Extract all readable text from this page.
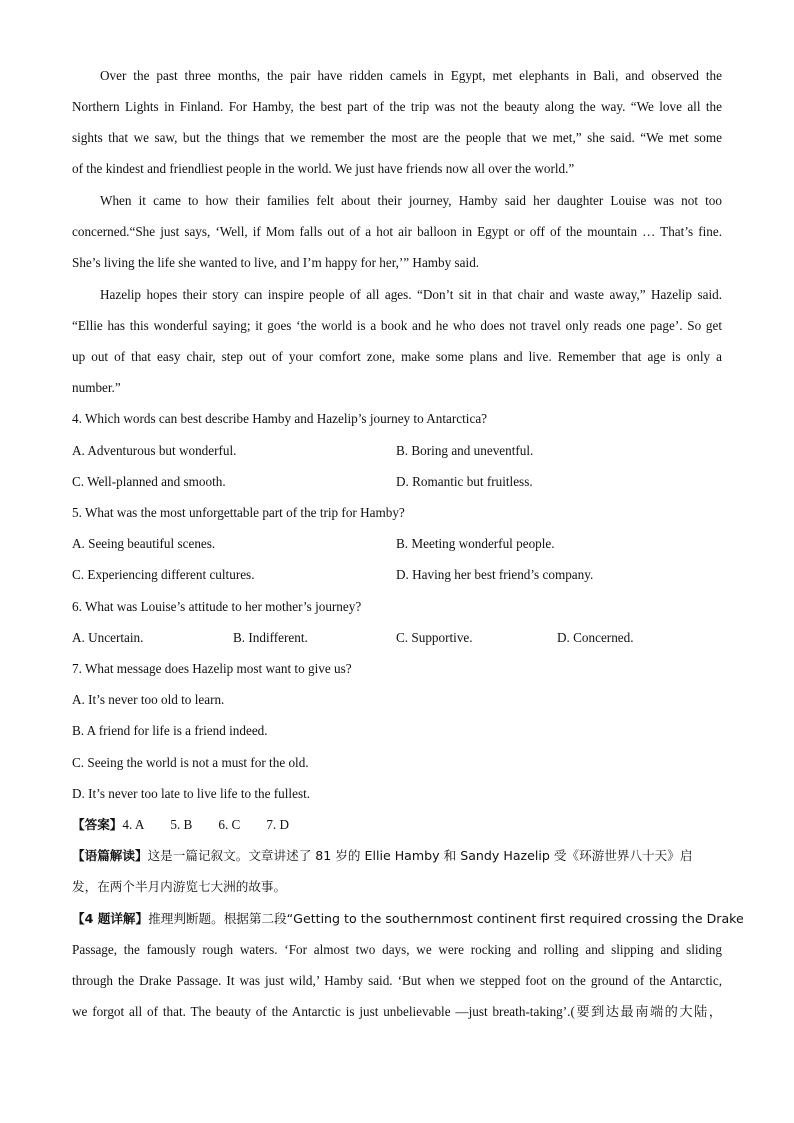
Over the past three months, the pair have ridden camels in Egypt, met elephants in Bali, and observed the
Northern Lights in Finland. For Hamby, the best part of the trip was not the beauty along the way. “We love all the
sights that we saw, but the things that we remember the most are the people that we met,” she said. “We met some
of the kindest and friendliest people in the world. We just have friends now all over the world.”
When it came to how their families felt about their journey, Hamby said her daughter Louise was not too
concerned.“She just says, ‘Well, if Mom falls out of a hot air balloon in Egypt or off of the mountain … That’s fine.
She’s living the life she wanted to live, and I’m happy for her,’” Hamby said.
Hazelip hopes their story can inspire people of all ages. “Don’t sit in that chair and waste away,” Hazelip said.
“Ellie has this wonderful saying; it goes ‘the world is a book and he who does not travel only reads one page’. So get
up out of that easy chair, step out of your comfort zone, make some plans and live. Remember that age is only a
number.”
4. Which words can best describe Hamby and Hazelip’s journey to Antarctica?
A. Adventurous but wonderful.	B. Boring and uneventful.
C. Well-planned and smooth.	D. Romantic but fruitless.
5. What was the most unforgettable part of the trip for Hamby?
A. Seeing beautiful scenes.	B. Meeting wonderful people.
C. Experiencing different cultures.	D. Having her best friend’s company.
6. What was Louise’s attitude to her mother’s journey?
A. Uncertain.	B. Indifferent.	C. Supportive.	D. Concerned.
7. What message does Hazelip most want to give us?
A. It’s never too old to learn.
B. A friend for life is a friend indeed.
C. Seeing the world is not a must for the old.
D. It’s never too late to live life to the fullest.
【答案】4. A 5. B 6. C 7. D
【语篇解读】这是一篇记叙文。文章讲述了 81 岁的 Ellie Hamby 和 Sandy Hazelip 受《环游世界八十天》启
发，在两个半月内游览七大洲的故事。
【4 题详解】推理判断题。根据第二段“Getting to the southernmost continent first required crossing the Drake
Passage, the famously rough waters. ‘For almost two days, we were rocking and rolling and slipping and sliding
through the Drake Passage. It was just wild,’ Hamby said. ‘But when we stepped foot on the ground of the Antarctic,
we forgot all of that. The beauty of the Antarctic is just unbelievable —just breath-taking’.(要到达最南端的大陆，
